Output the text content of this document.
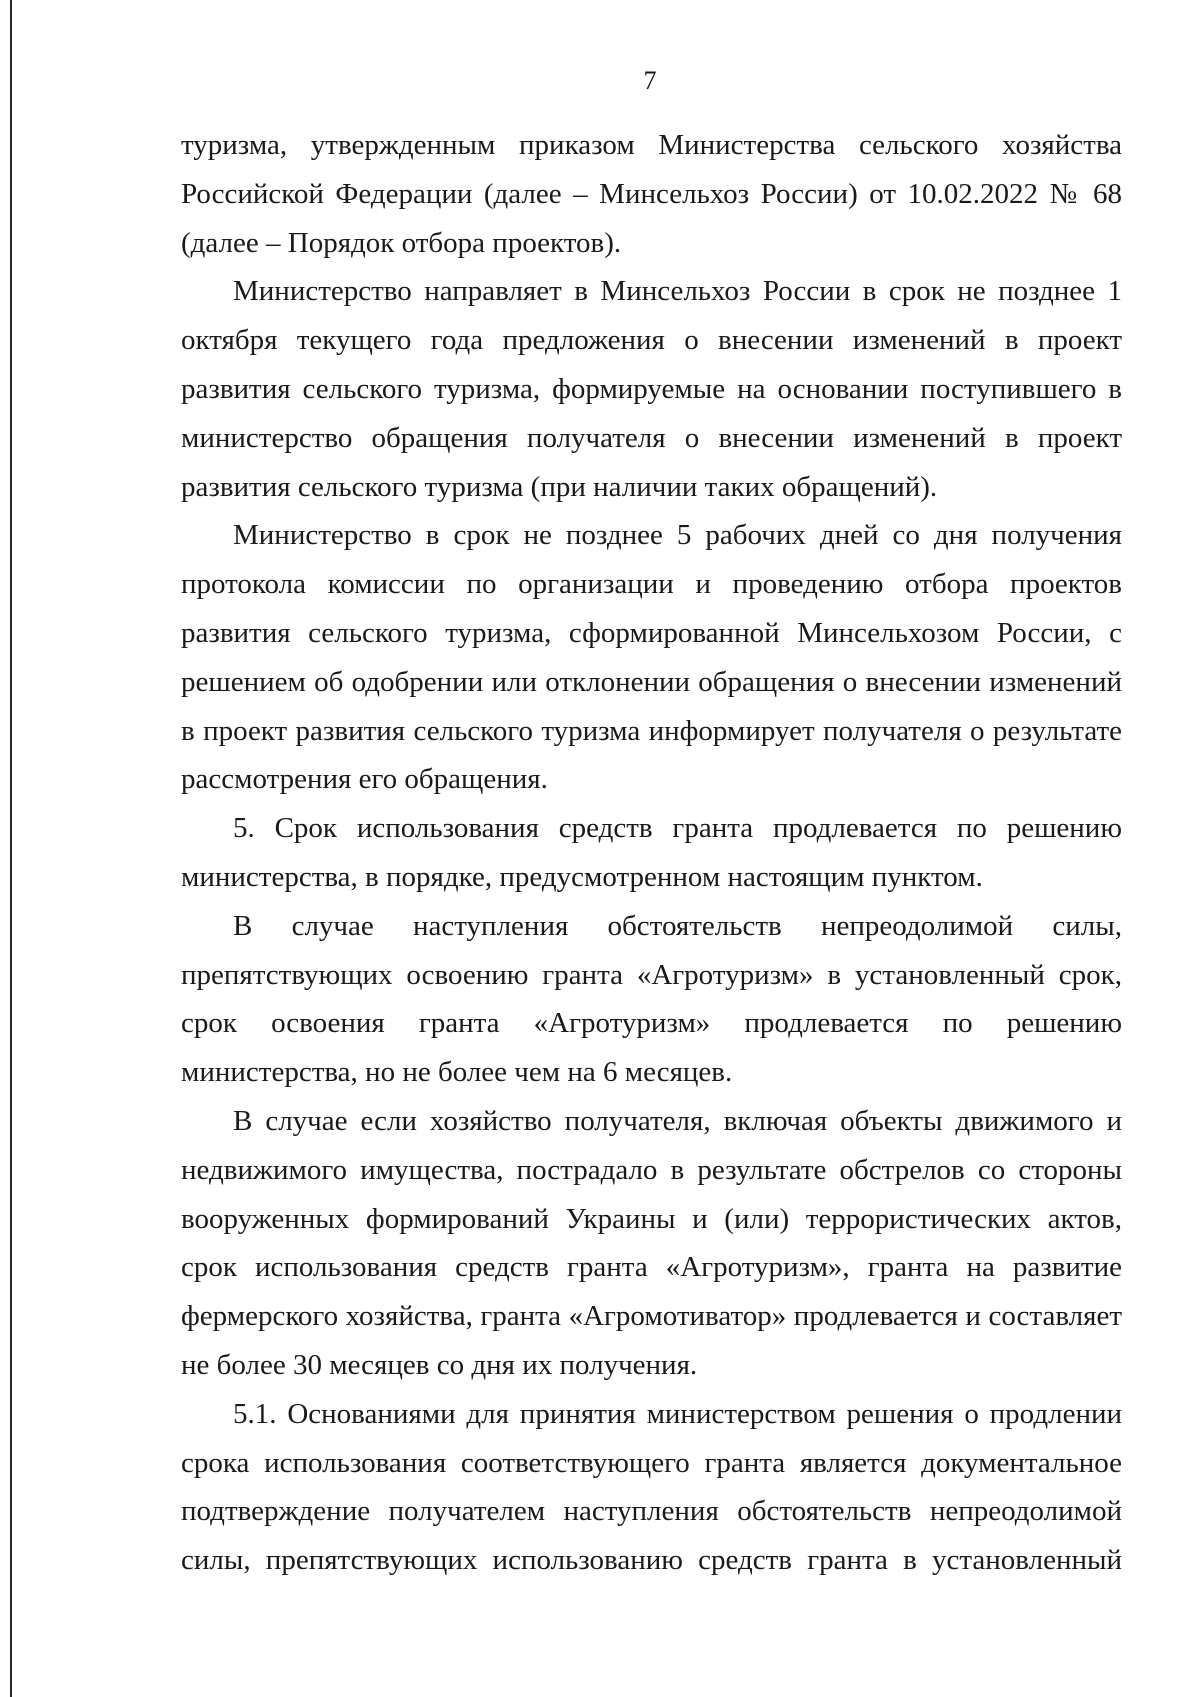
7

туризма, утвержденным приказом Министерства сельского хозяйства Российской Федерации (далее – Минсельхоз России) от 10.02.2022 № 68 (далее – Порядок отбора проектов).

Министерство направляет в Минсельхоз России в срок не позднее 1 октября текущего года предложения о внесении изменений в проект развития сельского туризма, формируемые на основании поступившего в министерство обращения получателя о внесении изменений в проект развития сельского туризма (при наличии таких обращений).

Министерство в срок не позднее 5 рабочих дней со дня получения протокола комиссии по организации и проведению отбора проектов развития сельского туризма, сформированной Минсельхозом России, с решением об одобрении или отклонении обращения о внесении изменений в проект развития сельского туризма информирует получателя о результате рассмотрения его обращения.

5. Срок использования средств гранта продлевается по решению министерства, в порядке, предусмотренном настоящим пунктом.

В случае наступления обстоятельств непреодолимой силы, препятствующих освоению гранта «Агротуризм» в установленный срок, срок освоения гранта «Агротуризм» продлевается по решению министерства, но не более чем на 6 месяцев.

В случае если хозяйство получателя, включая объекты движимого и недвижимого имущества, пострадало в результате обстрелов со стороны вооруженных формирований Украины и (или) террористических актов, срок использования средств гранта «Агротуризм», гранта на развитие фермерского хозяйства, гранта «Агромотиватор» продлевается и составляет не более 30 месяцев со дня их получения.

5.1. Основаниями для принятия министерством решения о продлении срока использования соответствующего гранта является документальное подтверждение получателем наступления обстоятельств непреодолимой силы, препятствующих использованию средств гранта в установленный
